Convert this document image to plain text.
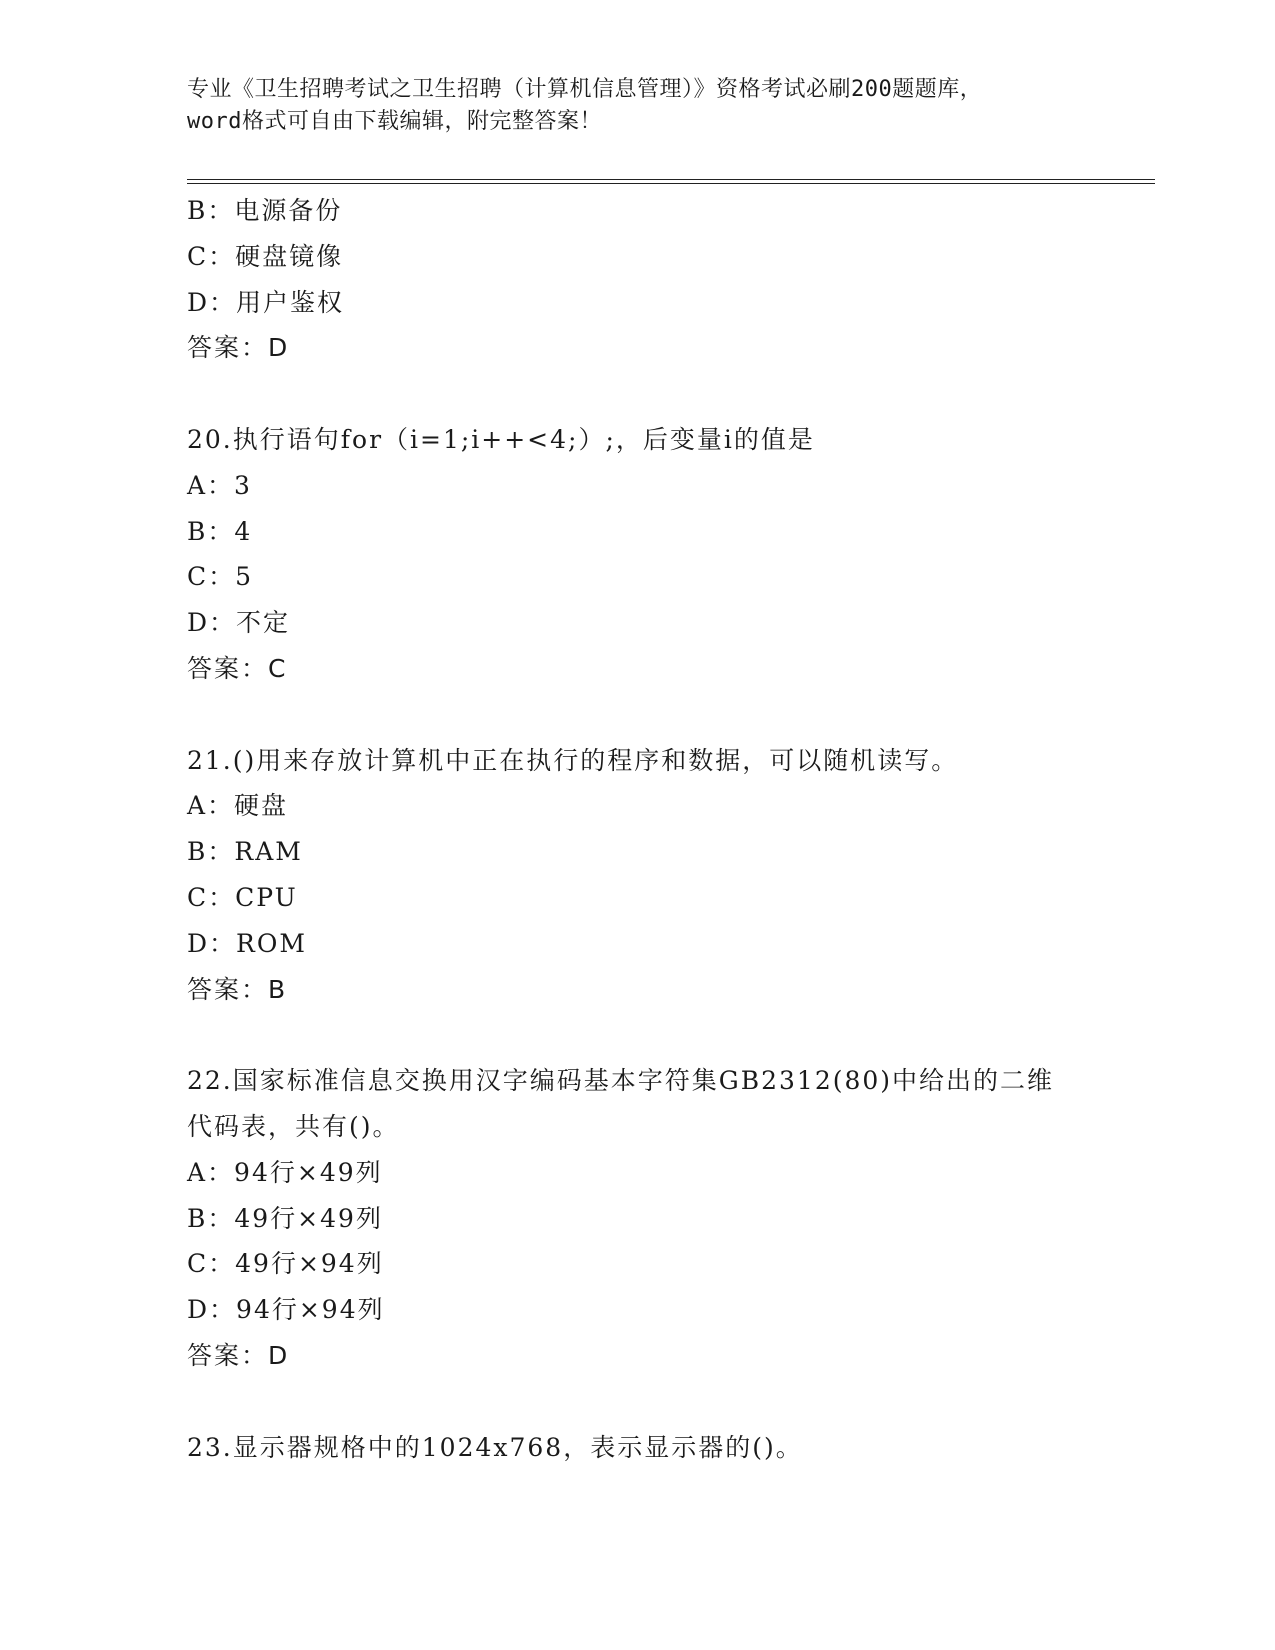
专业《卫生招聘考试之卫生招聘（计算机信息管理）》资格考试必刷200题题库，
word格式可自由下载编辑，附完整答案！
B：电源备份
C：硬盘镜像
D：用户鉴权
答案：D
20.执行语句for（i=1;i++<4;）;，后变量i的值是
A：3
B：4
C：5
D：不定
答案：C
21.()用来存放计算机中正在执行的程序和数据，可以随机读写。
A：硬盘
B：RAM
C：CPU
D：ROM
答案：B
22.国家标准信息交换用汉字编码基本字符集GB2312(80)中给出的二维
代码表，共有()。
A：94行×49列
B：49行×49列
C：49行×94列
D：94行×94列
答案：D
23.显示器规格中的1024x768，表示显示器的()。
